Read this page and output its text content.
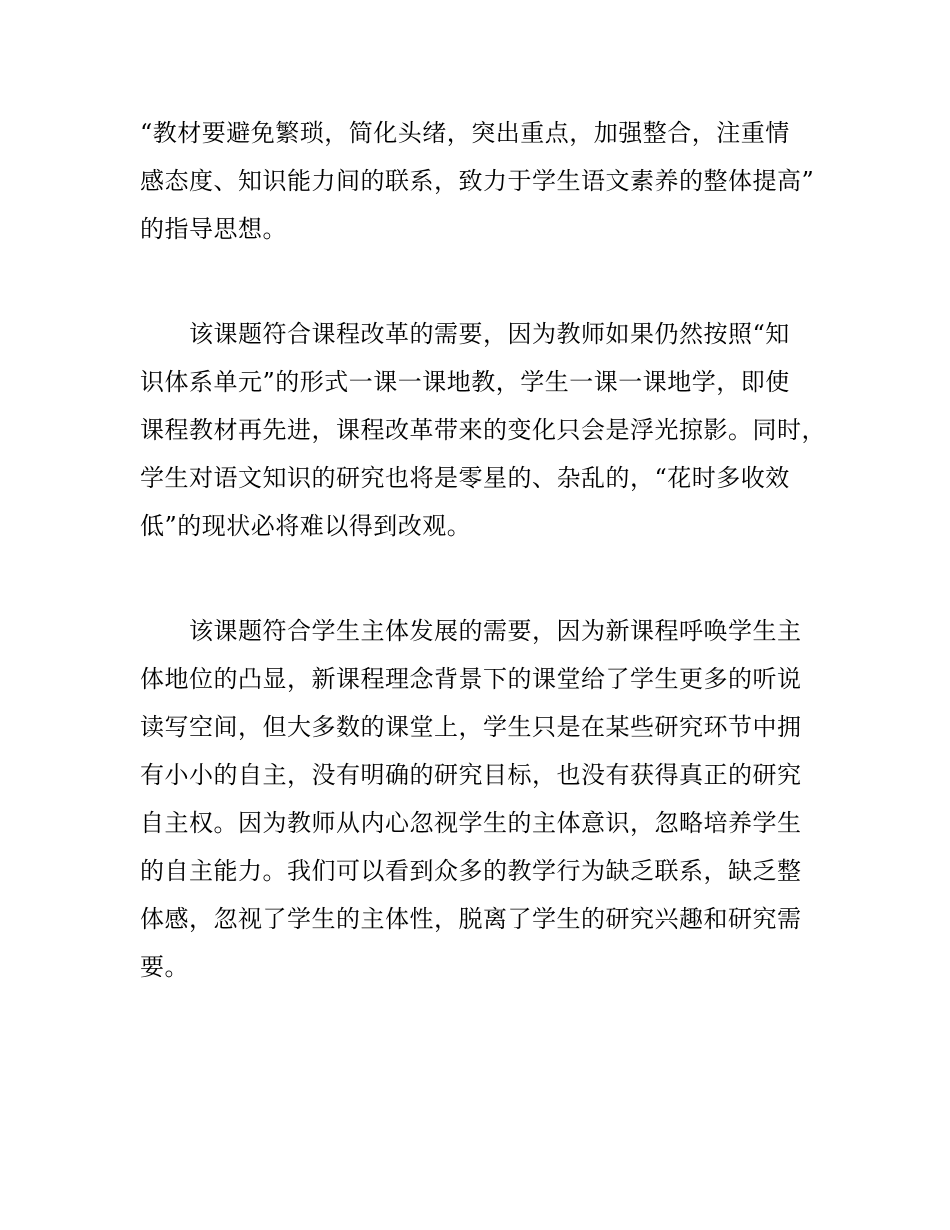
“教材要避免繁琐，简化头绪，突出重点，加强整合，注重情
感态度、知识能力间的联系，致力于学生语文素养的整体提高”
的指导思想。
　　该课题符合课程改革的需要，因为教师如果仍然按照“知
识体系单元”的形式一课一课地教，学生一课一课地学，即使
课程教材再先进，课程改革带来的变化只会是浮光掠影。同时，
学生对语文知识的研究也将是零星的、杂乱的，“花时多收效
低”的现状必将难以得到改观。
　　该课题符合学生主体发展的需要，因为新课程呼唤学生主
体地位的凸显，新课程理念背景下的课堂给了学生更多的听说
读写空间，但大多数的课堂上，学生只是在某些研究环节中拥
有小小的自主，没有明确的研究目标，也没有获得真正的研究
自主权。因为教师从内心忽视学生的主体意识，忽略培养学生
的自主能力。我们可以看到众多的教学行为缺乏联系，缺乏整
体感，忽视了学生的主体性，脱离了学生的研究兴趣和研究需
要。
